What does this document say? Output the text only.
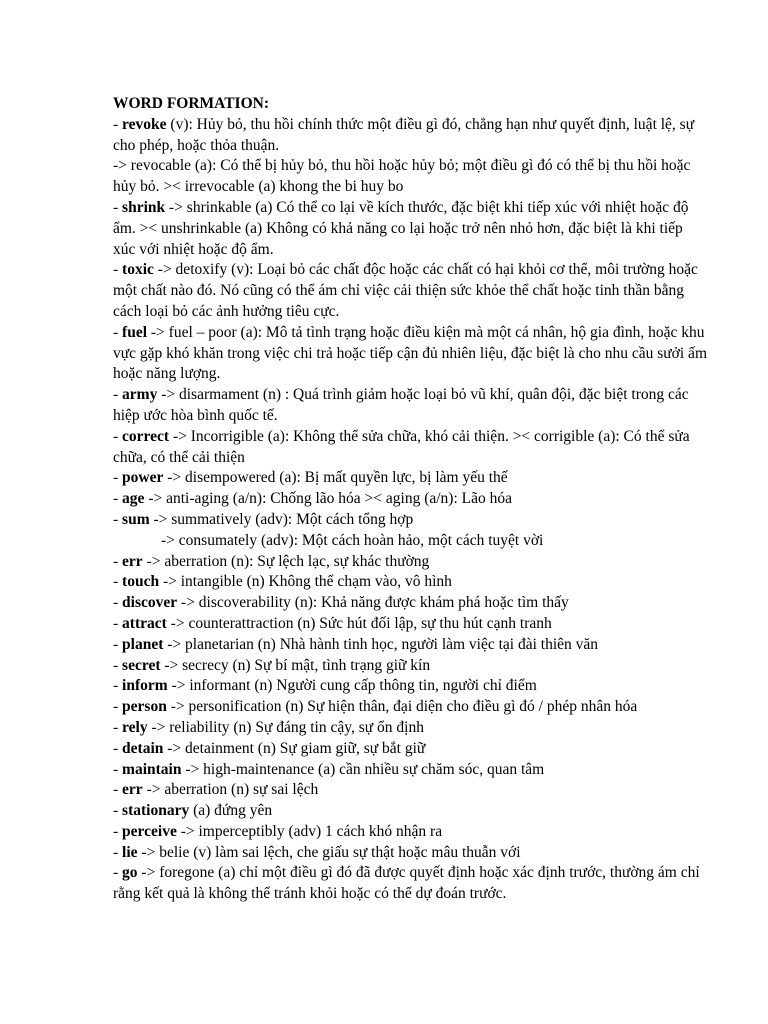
WORD FORMATION:

- revoke (v): Hủy bỏ, thu hồi chính thức một điều gì đó, chẳng hạn như quyết định, luật lệ, sự cho phép, hoặc thỏa thuận.

-> revocable (a): Có thể bị hủy bỏ, thu hồi hoặc hủy bỏ; một điều gì đó có thể bị thu hồi hoặc hủy bỏ. >< irrevocable (a) khong the bi huy bo

- shrink -> shrinkable (a) Có thể co lại về kích thước, đặc biệt khi tiếp xúc với nhiệt hoặc độ ẩm. >< unshrinkable (a) Không có khả năng co lại hoặc trở nên nhỏ hơn, đặc biệt là khi tiếp xúc với nhiệt hoặc độ ẩm.

- toxic -> detoxify (v): Loại bỏ các chất độc hoặc các chất có hại khỏi cơ thể, môi trường hoặc một chất nào đó. Nó cũng có thể ám chỉ việc cải thiện sức khỏe thể chất hoặc tinh thần bằng cách loại bỏ các ảnh hưởng tiêu cực.

- fuel -> fuel – poor (a): Mô tả tình trạng hoặc điều kiện mà một cá nhân, hộ gia đình, hoặc khu vực gặp khó khăn trong việc chi trả hoặc tiếp cận đủ nhiên liệu, đặc biệt là cho nhu cầu sưởi ấm hoặc năng lượng.

- army -> disarmament (n) : Quá trình giảm hoặc loại bỏ vũ khí, quân đội, đặc biệt trong các hiệp ước hòa bình quốc tế.

- correct -> Incorrigible (a): Không thể sửa chữa, khó cải thiện. >< corrigible (a): Có thể sửa chữa, có thể cải thiện

- power -> disempowered (a): Bị mất quyền lực, bị làm yếu thế

- age -> anti-aging (a/n): Chống lão hóa >< aging (a/n): Lão hóa

- sum -> summatively (adv): Một cách tổng hợp

-> consumately (adv): Một cách hoàn hảo, một cách tuyệt vời

- err -> aberration (n): Sự lệch lạc, sự khác thường

- touch -> intangible (n) Không thể chạm vào, vô hình

- discover -> discoverability (n): Khả năng được khám phá hoặc tìm thấy

- attract -> counterattraction (n) Sức hút đối lập, sự thu hút cạnh tranh

- planet -> planetarian (n) Nhà hành tinh học, người làm việc tại đài thiên văn

- secret -> secrecy (n) Sự bí mật, tình trạng giữ kín

- inform -> informant (n) Người cung cấp thông tin, người chỉ điểm

- person -> personification (n) Sự hiện thân, đại diện cho điều gì đó / phép nhân hóa

- rely -> reliability (n) Sự đáng tin cậy, sự ổn định

- detain -> detainment (n) Sự giam giữ, sự bắt giữ

- maintain -> high-maintenance (a) cần nhiều sự chăm sóc, quan tâm

- err -> aberration (n) sự sai lệch

- stationary (a) đứng yên

- perceive -> imperceptibly (adv) 1 cách khó nhận ra

- lie -> belie (v) làm sai lệch, che giấu sự thật hoặc mâu thuẫn với

- go -> foregone (a) chỉ một điều gì đó đã được quyết định hoặc xác định trước, thường ám chỉ rằng kết quả là không thể tránh khỏi hoặc có thể dự đoán trước.
